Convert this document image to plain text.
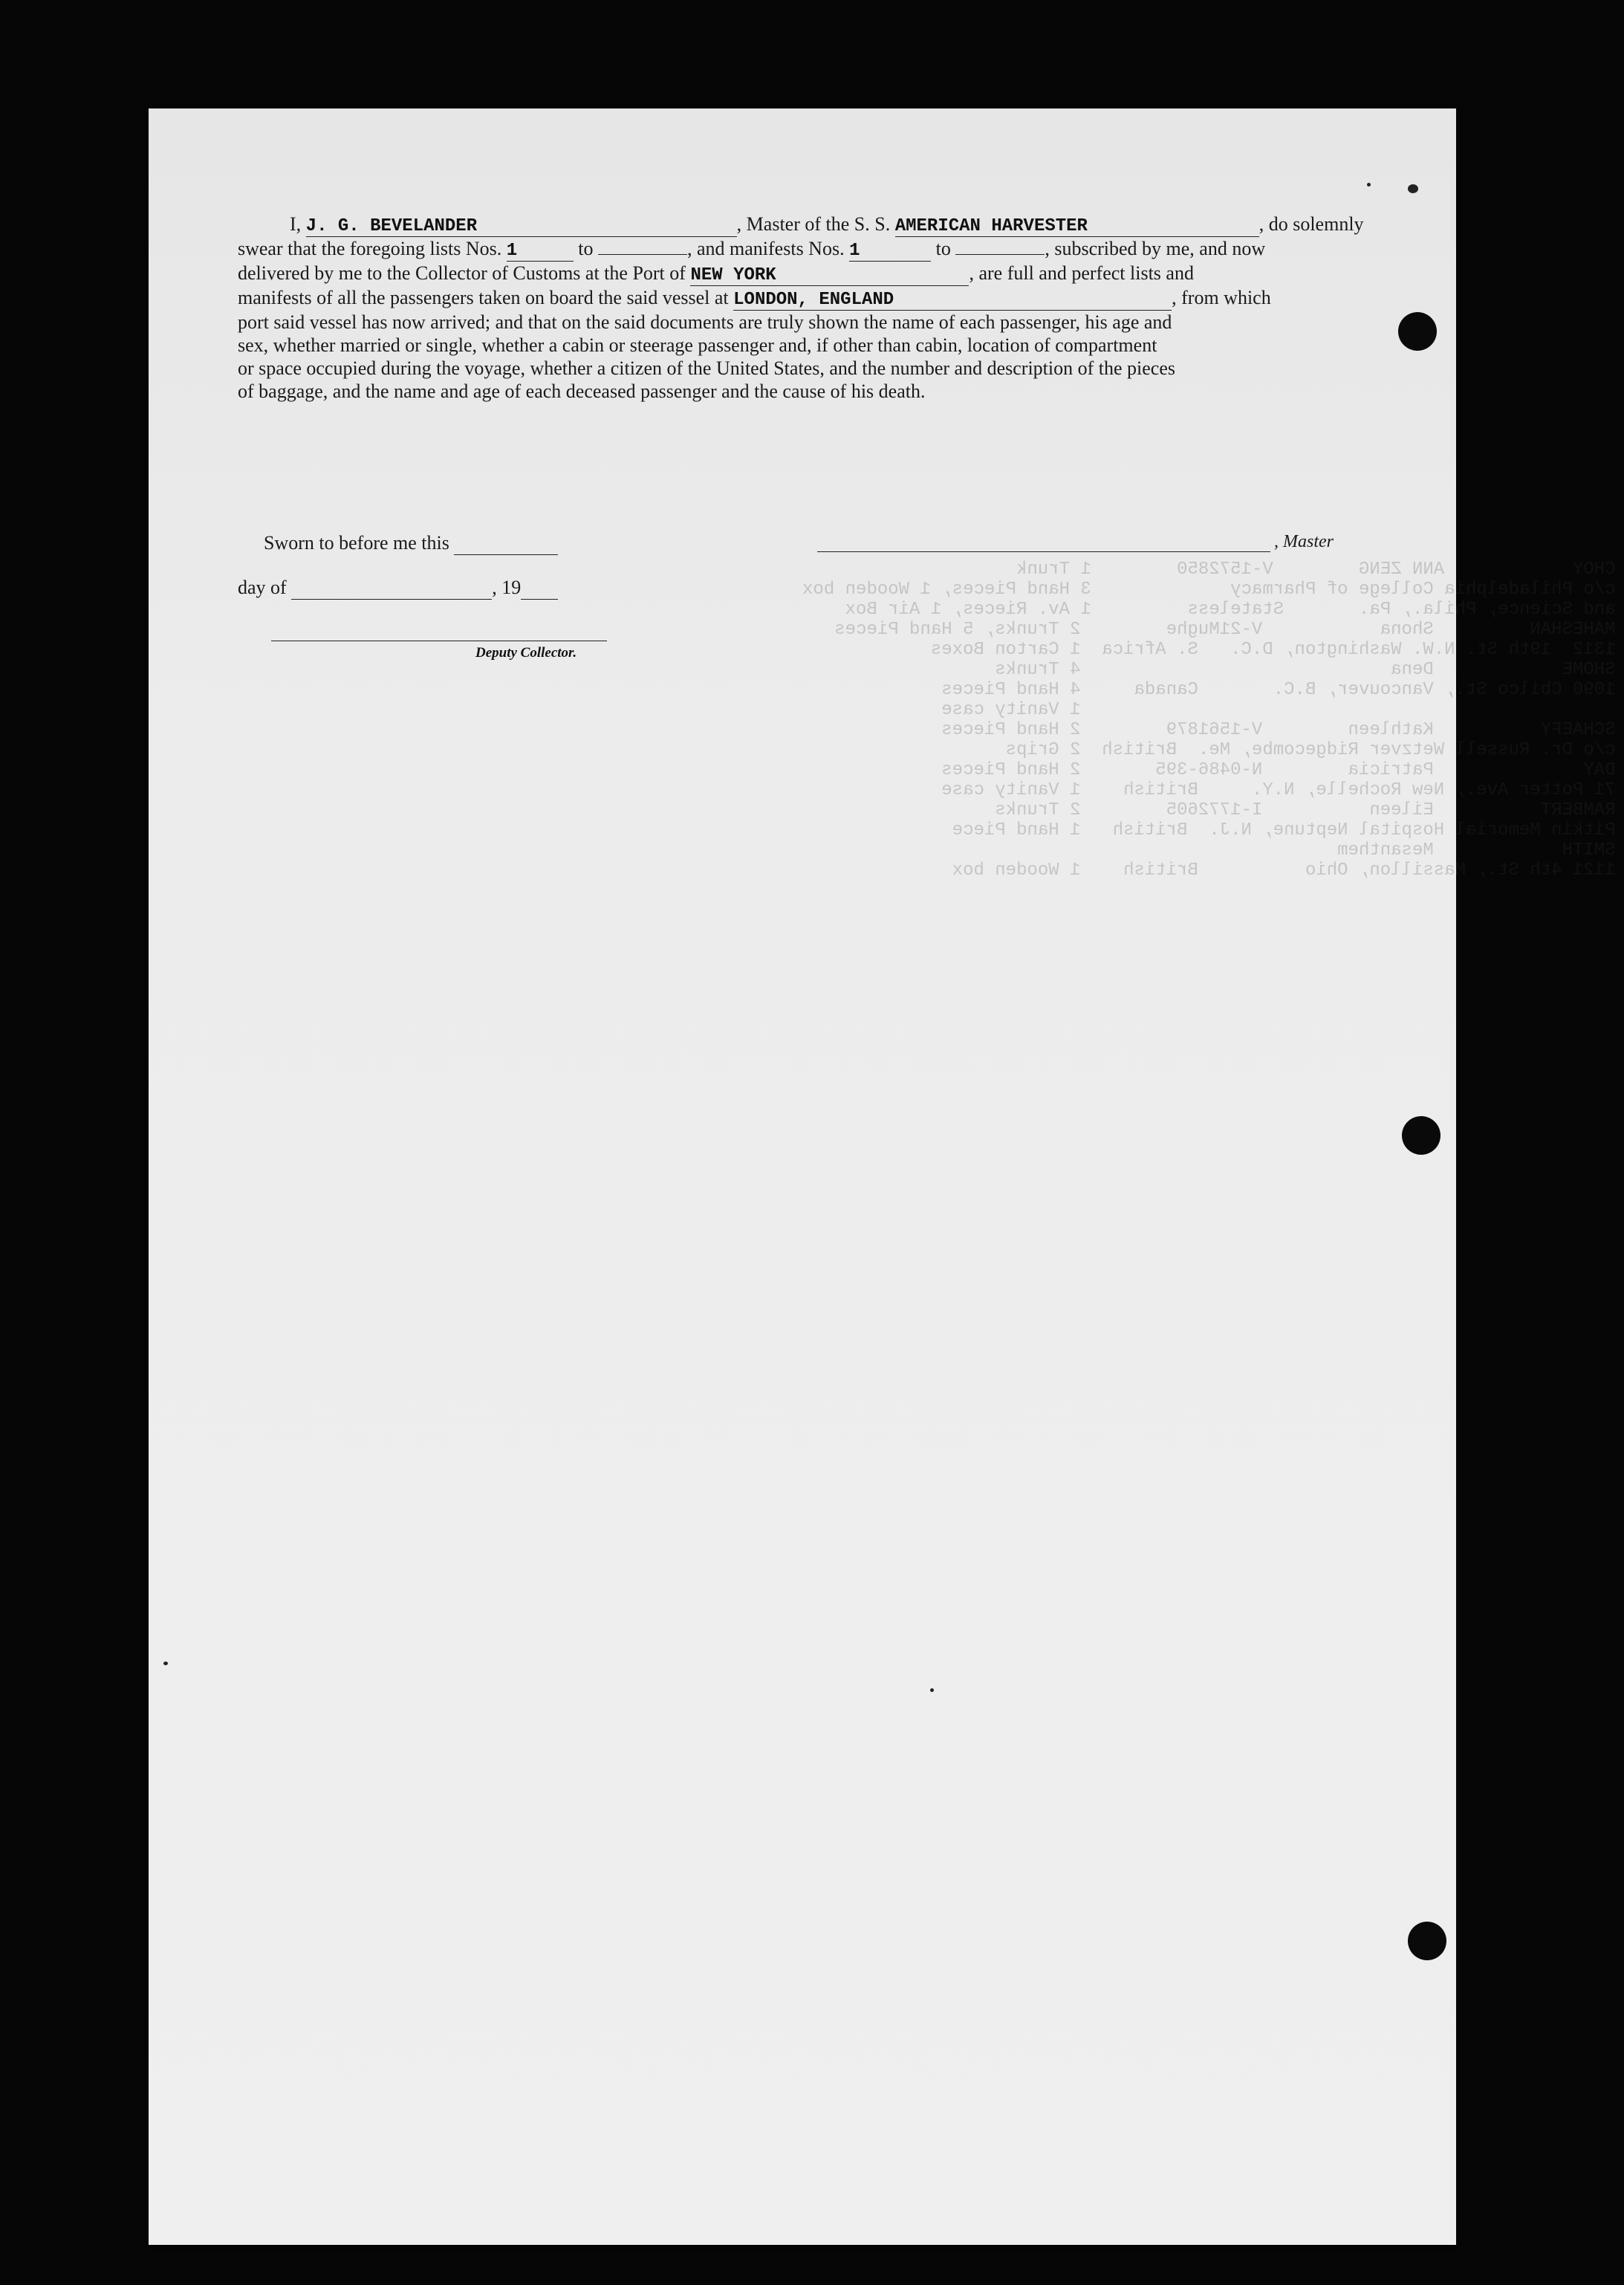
CHOY            ANN ZENG        V-1572850        1 Trunk
c/o Philadelphia College of Pharmacy             3 Hand Pieces, 1 Wooden box
and Science, Phila., Pa.       Stateless         1 Av. Rieces, 1 Air Box
MAHESHAN         Shona           V-21Mughe        2 Trunks, 5 Hand Pieces
1312  19th St. N.W. Washington, D.C.   S. Africa  1 Carton Boxes
SHOME            Dena                             4 Trunks
1090 Cbilco St., Vancouver, B.C.       Canada     4 Hand Pieces
1 Vanity case
SCHAEFY          Kathleen        V-1561879        2 Hand Pieces
c/o Dr. Russell Wetzver Ridgecombe, Me.  British  2 Grips
DAY              Patricia        N-0486-395       2 Hand Pieces
71 Potter Ave., New Rochelle, N.Y.     British    1 Vanity case
RAMBERT          Eileen          I-1772605        2 Trunks
Pitkin Memorial Hospital Neptune, N.J.  British   1 Hand Piece
SMITH            Mesanthem
1121 4th St., Massillon, Ohio          British    1 Wooden box
I, J. G. BEVELANDER	, Master of the S. S. AMERICAN HARVESTER	, do solemnly
swear that the foregoing lists Nos. 1	to	, and manifests Nos. 1	to	, subscribed by me, and now
delivered by me to the Collector of Customs at the Port of NEW YORK	, are full and perfect lists and
manifests of all the passengers taken on board the said vessel at LONDON, ENGLAND	, from which
port said vessel has now arrived; and that on the said documents are truly shown the name of each passenger, his age and
sex, whether married or single, whether a cabin or steerage passenger and, if other than cabin, location of compartment
or space occupied during the voyage, whether a citizen of the United States, and the number and description of the pieces
of baggage, and the name and age of each deceased passenger and the cause of his death.
Sworn to before me this	, Master
day of	, 19
Deputy Collector.
